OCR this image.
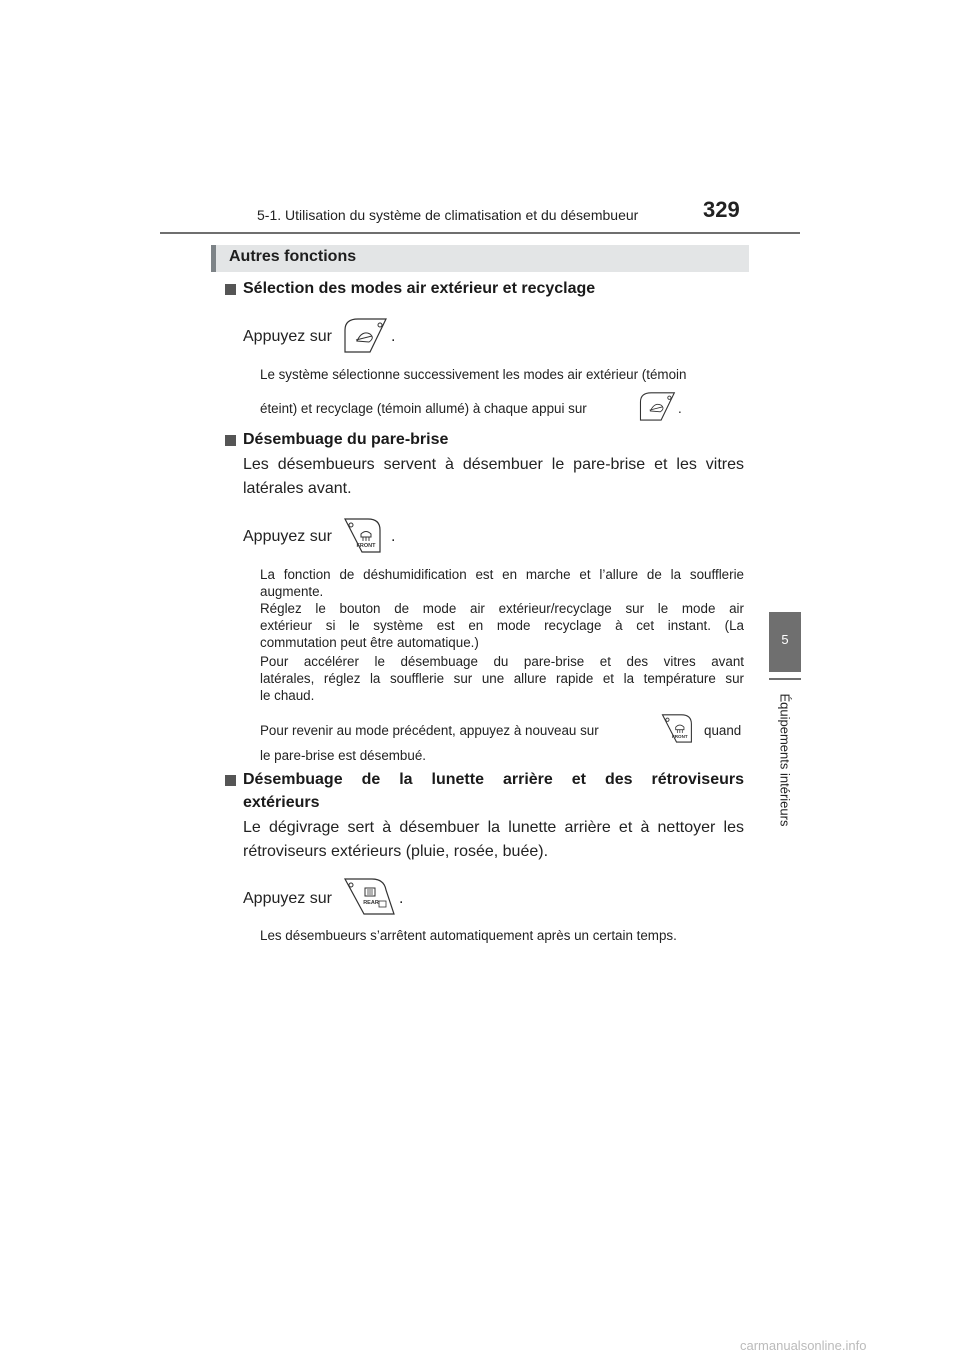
5-1. Utilisation du système de climatisation et du désembueur	329
5
Équipements intérieurs
Autres fonctions
Sélection des modes air extérieur et recyclage
Appuyez sur	.
Le système sélectionne successivement les modes air extérieur (témoin
éteint) et recyclage (témoin allumé) à chaque appui sur	.
Désembuage du pare-brise
Les désembueurs servent à désembuer le pare-brise et les vitres
latérales avant.
Appuyez sur
FRONT
.
La fonction de déshumidification est en marche et l’allure de la soufflerie
augmente.
Réglez le bouton de mode air extérieur/recyclage sur le mode air
extérieur si le système est en mode recyclage à cet instant. (La
commutation peut être automatique.)
Pour accélérer le désembuage du pare-brise et des vitres avant
latérales, réglez la soufflerie sur une allure rapide et la température sur
le chaud.
Pour revenir au mode précédent, appuyez à nouveau sur	FRONT quand
le pare-brise est désembué.
Désembuage de la lunette arrière et des rétroviseurs
extérieurs
Le dégivrage sert à désembuer la lunette arrière et à nettoyer les
rétroviseurs extérieurs (pluie, rosée, buée).
Appuyez sur	REAR .
Les désembueurs s’arrêtent automatiquement après un certain temps.
carmanualsonline.info
